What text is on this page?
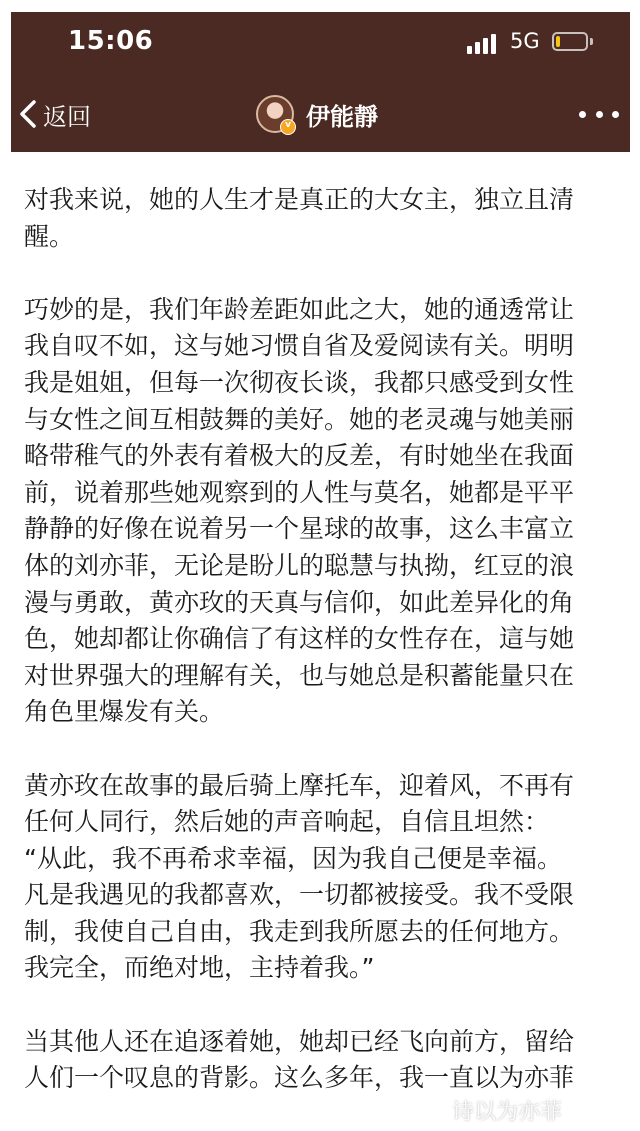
15:06	5G
返回	v 伊能靜
对我来说，她的人生才是真正的大女主，独立且清
醒。
巧妙的是，我们年龄差距如此之大，她的通透常让
我自叹不如，这与她习惯自省及爱阅读有关。明明
我是姐姐，但每一次彻夜长谈，我都只感受到女性
与女性之间互相鼓舞的美好。她的老灵魂与她美丽
略带稚气的外表有着极大的反差，有时她坐在我面
前，说着那些她观察到的人性与莫名，她都是平平
静静的好像在说着另一个星球的故事，这么丰富立
体的刘亦菲，无论是盼儿的聪慧与执拗，红豆的浪
漫与勇敢，黄亦玫的天真与信仰，如此差异化的角
色，她却都让你确信了有这样的女性存在，這与她
对世界强大的理解有关，也与她总是积蓄能量只在
角色里爆发有关。
黄亦玫在故事的最后骑上摩托车，迎着风，不再有
任何人同行，然后她的声音响起，自信且坦然：
“从此，我不再希求幸福，因为我自己便是幸福。
凡是我遇见的我都喜欢，一切都被接受。我不受限
制，我使自己自由，我走到我所愿去的任何地方。
我完全，而绝对地，主持着我。”
当其他人还在追逐着她，她却已经飞向前方，留给
人们一个叹息的背影。这么多年，我一直以为亦菲
诗以为亦菲
